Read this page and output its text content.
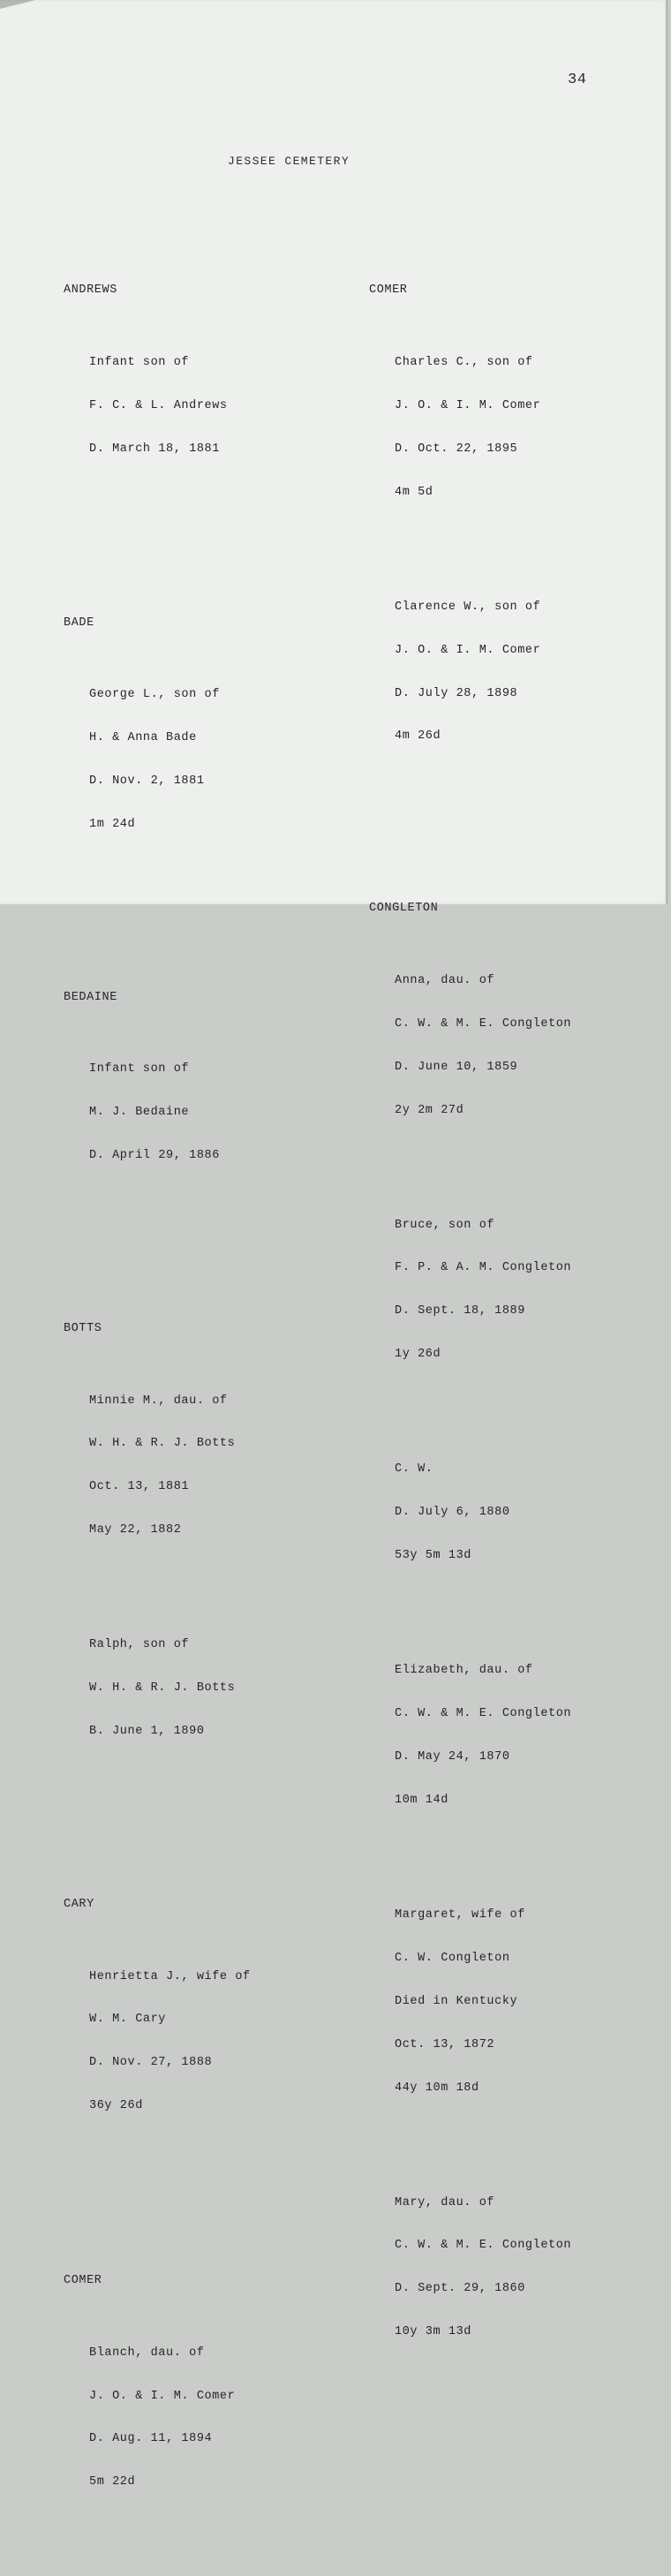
34
JESSEE CEMETERY

ANDREWS

Infant son of

F. C. & L. Andrews

D. March 18, 1881

BADE

George L., son of

H. & Anna Bade

D. Nov. 2, 1881

1m 24d

BEDAINE

Infant son of

M. J. Bedaine

D. April 29, 1886

BOTTS

Minnie M., dau. of

W. H. & R. J. Botts

Oct. 13, 1881

May 22, 1882

Ralph, son of

W. H. & R. J. Botts

B. June 1, 1890

CARY

Henrietta J., wife of

W. M. Cary

D. Nov. 27, 1888

36y 26d

COMER

Blanch, dau. of

J. O. & I. M. Comer

D. Aug. 11, 1894

5m 22d

COMER

Charles C., son of

J. O. & I. M. Comer

D. Oct. 22, 1895

4m 5d

Clarence W., son of

J. O. & I. M. Comer

D. July 28, 1898

4m 26d

CONGLETON

Anna, dau. of

C. W. & M. E. Congleton

D. June 10, 1859

2y 2m 27d

Bruce, son of

F. P. & A. M. Congleton

D. Sept. 18, 1889

1y 26d

C. W.

D. July 6, 1880

53y 5m 13d

Elizabeth, dau. of

C. W. & M. E. Congleton

D. May 24, 1870

10m 14d

Margaret, wife of

C. W. Congleton

Died in Kentucky

Oct. 13, 1872

44y 10m 18d

Mary, dau. of

C. W. & M. E. Congleton

D. Sept. 29, 1860

10y 3m 13d
